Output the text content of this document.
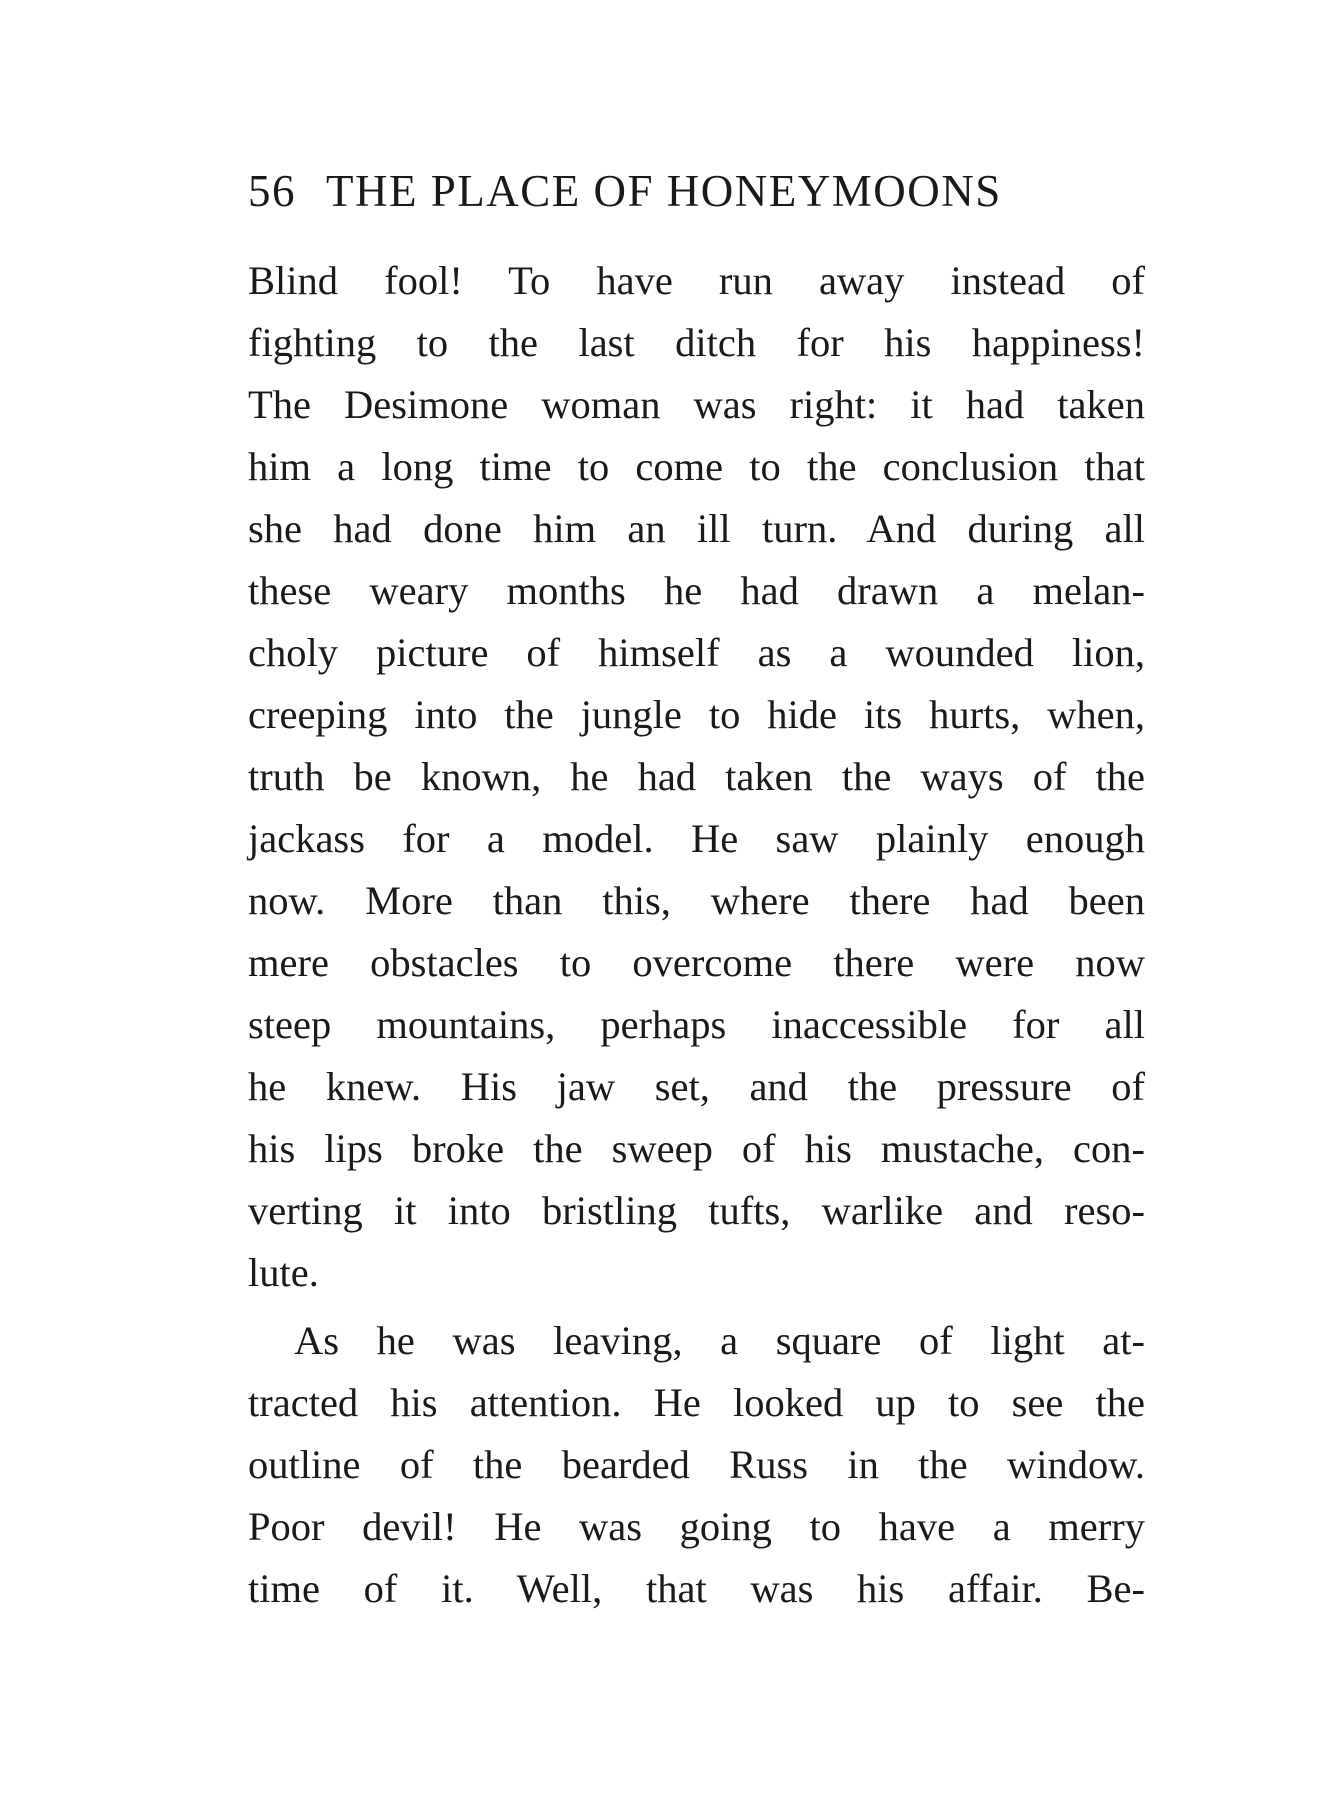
56 THE PLACE OF HONEYMOONS
Blind fool! To have run away instead of
fighting to the last ditch for his happiness!
The Desimone woman was right: it had taken
him a long time to come to the conclusion that
she had done him an ill turn. And during all
these weary months he had drawn a melan-
choly picture of himself as a wounded lion,
creeping into the jungle to hide its hurts, when,
truth be known, he had taken the ways of the
jackass for a model. He saw plainly enough
now. More than this, where there had been
mere obstacles to overcome there were now
steep mountains, perhaps inaccessible for all
he knew. His jaw set, and the pressure of
his lips broke the sweep of his mustache, con-
verting it into bristling tufts, warlike and reso-
lute.
As he was leaving, a square of light at-
tracted his attention. He looked up to see the
outline of the bearded Russ in the window.
Poor devil! He was going to have a merry
time of it. Well, that was his affair. Be-
